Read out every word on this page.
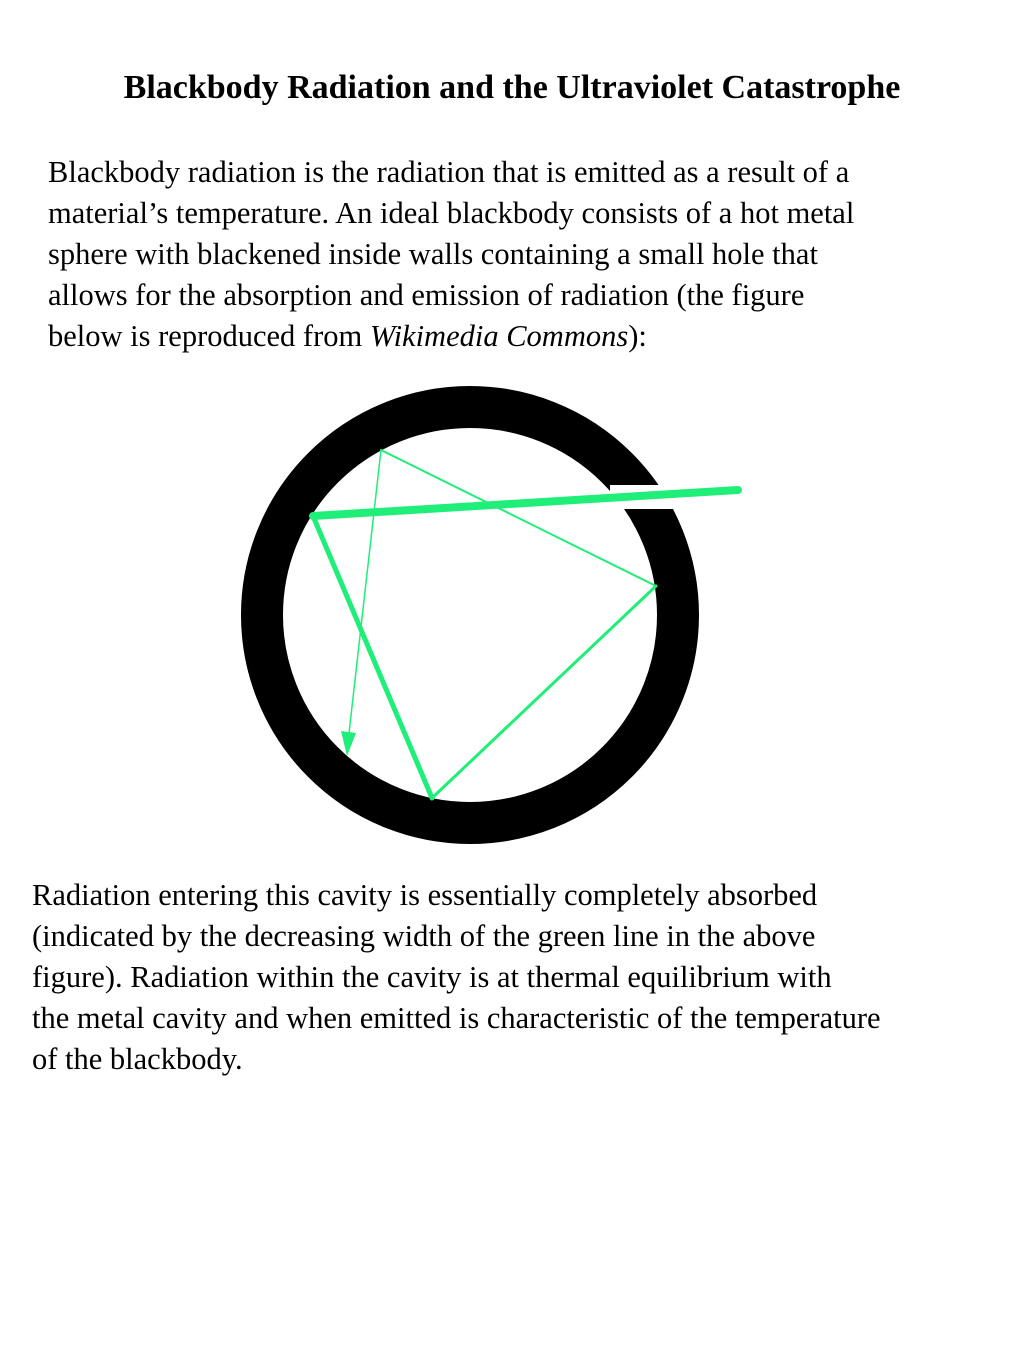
Blackbody Radiation and the Ultraviolet Catastrophe

Blackbody radiation is the radiation that is emitted as a result of a
material’s temperature. An ideal blackbody consists of a hot metal
sphere with blackened inside walls containing a small hole that
allows for the absorption and emission of radiation (the figure
below is reproduced from Wikimedia Commons):

Radiation entering this cavity is essentially completely absorbed
(indicated by the decreasing width of the green line in the above
figure). Radiation within the cavity is at thermal equilibrium with
the metal cavity and when emitted is characteristic of the temperature
of the blackbody.
